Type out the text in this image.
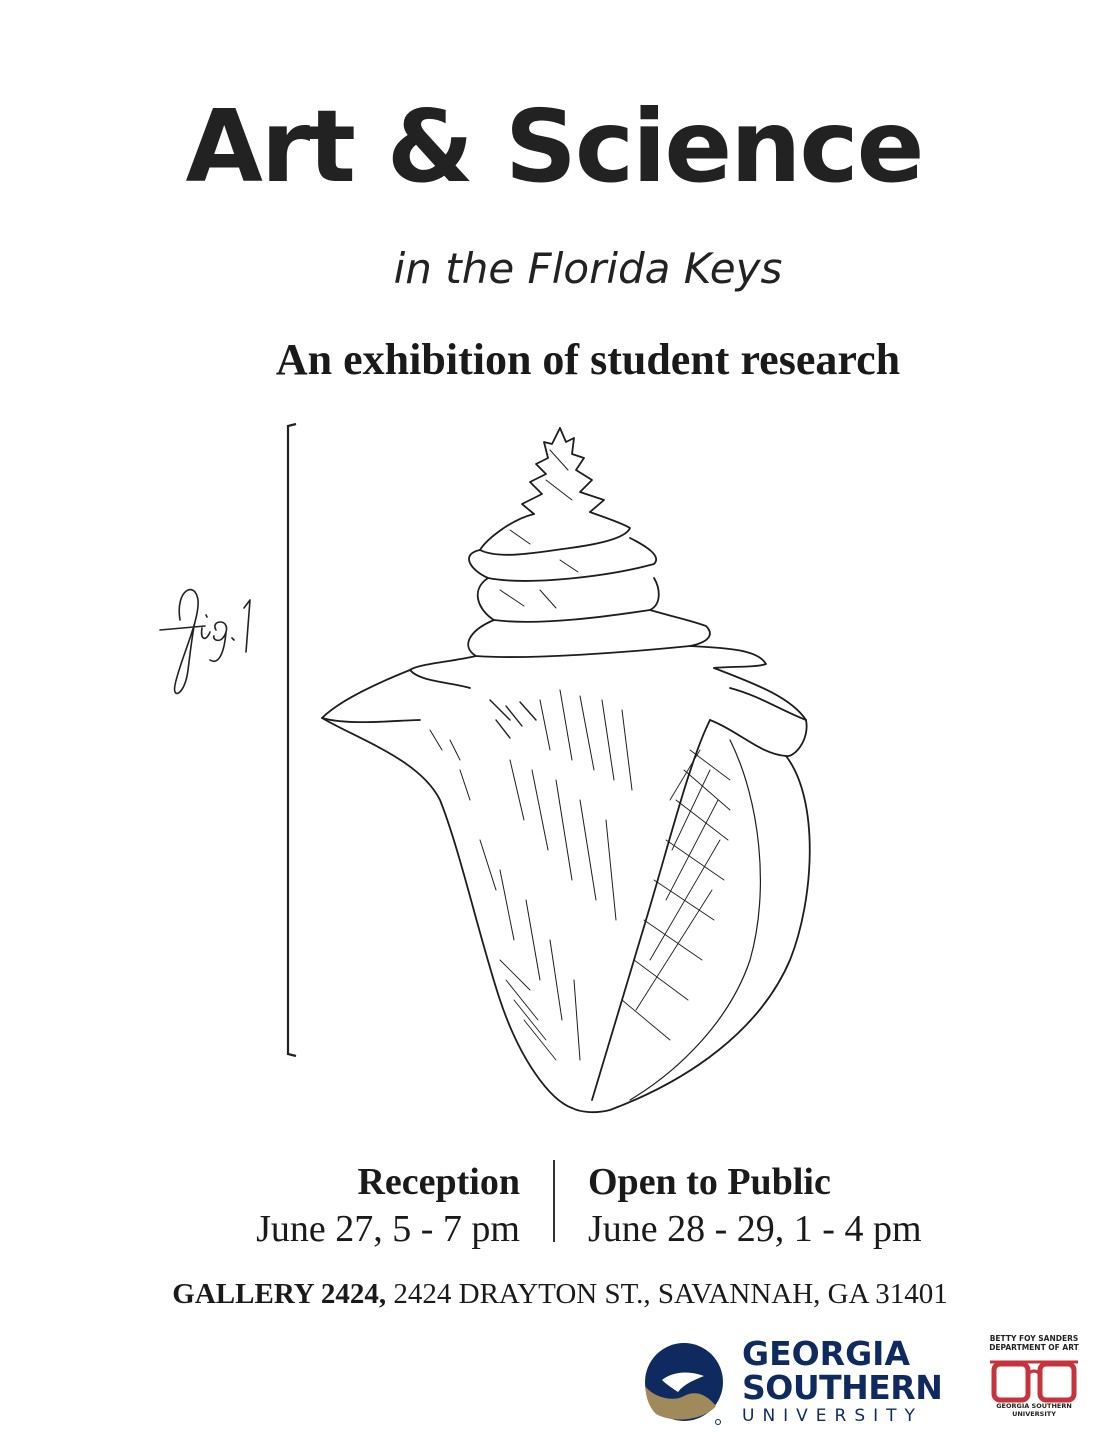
Art & Science
in the Florida Keys
An exhibition of student research
Reception
June 27, 5 - 7 pm
Open to Public
June 28 - 29, 1 - 4 pm
GALLERY 2424, 2424 DRAYTON ST., SAVANNAH, GA 31401
GEORGIA
SOUTHERN
UNIVERSITY
BETTY FOY SANDERS
DEPARTMENT OF ART
GEORGIA SOUTHERN
UNIVERSITY
